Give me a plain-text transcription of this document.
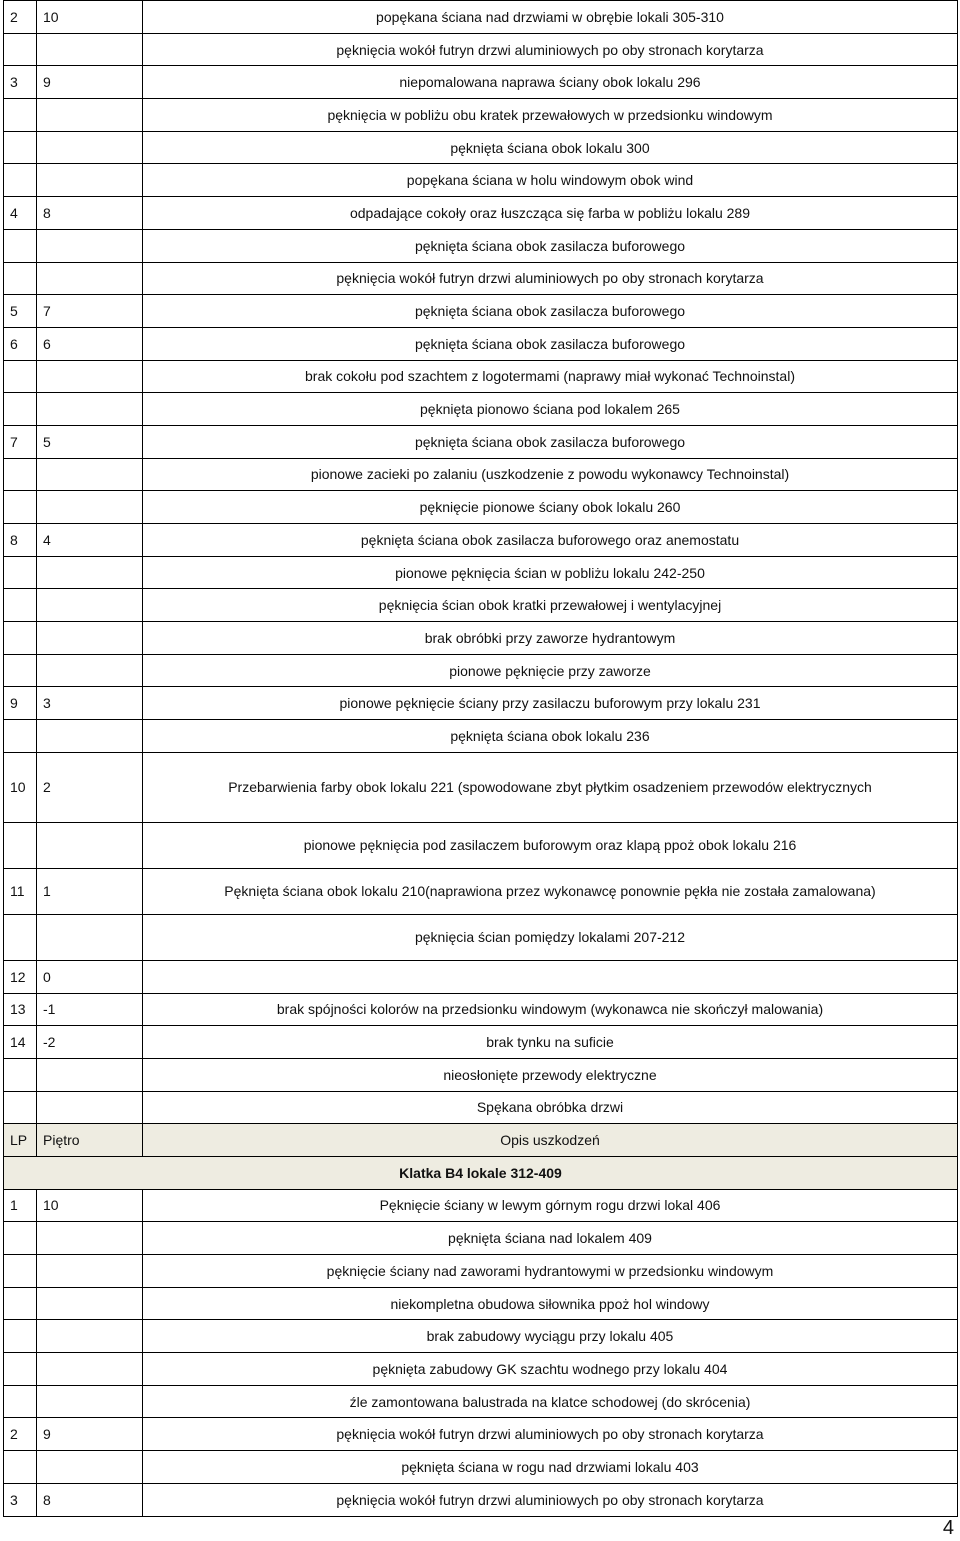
2	10	popękana ściana nad drzwiami w obrębie lokali 305-310
		pęknięcia wokół futryn drzwi aluminiowych po oby stronach korytarza
3	9	niepomalowana naprawa ściany obok lokalu 296
		pęknięcia w pobliżu obu kratek przewałowych w przedsionku windowym
		pęknięta ściana obok lokalu 300
		popękana ściana w holu windowym obok wind
4	8	odpadające cokoły oraz łuszcząca się farba w pobliżu lokalu 289
		pęknięta ściana obok zasilacza buforowego
		pęknięcia wokół futryn drzwi aluminiowych po oby stronach korytarza
5	7	pęknięta ściana obok zasilacza buforowego
6	6	pęknięta ściana obok zasilacza buforowego
		brak cokołu pod szachtem z logotermami (naprawy miał wykonać Technoinstal)
		pęknięta pionowo ściana pod lokalem 265
7	5	pęknięta ściana obok zasilacza buforowego
		pionowe zacieki po zalaniu (uszkodzenie z powodu wykonawcy Technoinstal)
		pęknięcie pionowe ściany obok lokalu 260
8	4	pęknięta ściana obok zasilacza buforowego oraz anemostatu
		pionowe pęknięcia ścian w pobliżu lokalu 242-250
		pęknięcia ścian obok kratki przewałowej i wentylacyjnej
		brak obróbki przy zaworze hydrantowym
		pionowe pęknięcie przy zaworze
9	3	pionowe pęknięcie ściany przy zasilaczu buforowym przy lokalu 231
		pęknięta ściana obok lokalu 236
10	2	Przebarwienia farby obok lokalu 221 (spowodowane zbyt płytkim osadzeniem przewodów elektrycznych
		pionowe pęknięcia pod zasilaczem buforowym oraz klapą ppoż obok lokalu 216
11	1	Pęknięta ściana obok lokalu 210(naprawiona przez wykonawcę ponownie pękła nie została zamalowana)
		pęknięcia ścian pomiędzy lokalami 207-212
12	0	
13	-1	brak spójności kolorów na przedsionku windowym (wykonawca nie skończył malowania)
14	-2	brak tynku na suficie
		nieosłonięte przewody elektryczne
		Spękana obróbka drzwi
LP	Piętro	Opis uszkodzeń
Klatka B4 lokale 312-409		
1	10	Pęknięcie ściany w lewym górnym rogu drzwi lokal 406
		pęknięta ściana nad lokalem 409
		pęknięcie ściany nad zaworami hydrantowymi w przedsionku windowym
		niekompletna obudowa siłownika ppoż hol windowy
		brak zabudowy wyciągu przy lokalu 405
		pęknięta zabudowy GK szachtu wodnego przy lokalu 404
		źle zamontowana balustrada na klatce schodowej (do skrócenia)
2	9	pęknięcia wokół futryn drzwi aluminiowych po oby stronach korytarza
		pęknięta ściana w rogu nad drzwiami lokalu 403
3	8	pęknięcia wokół futryn drzwi aluminiowych po oby stronach korytarza
4
